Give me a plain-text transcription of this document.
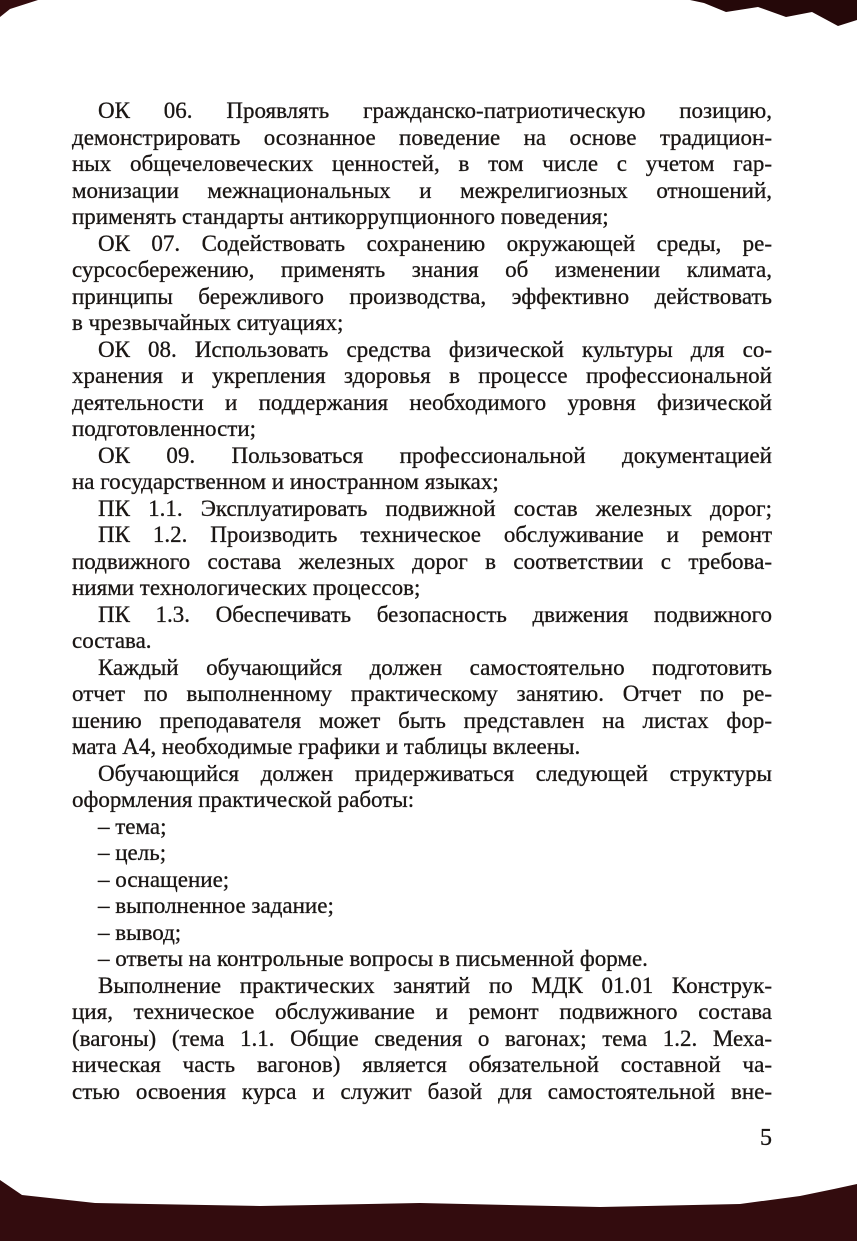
ОК 06. Проявлять гражданско-патриотическую позицию,
демонстрировать осознанное поведение на основе традицион-
ных общечеловеческих ценностей, в том числе с учетом гар-
монизации межнациональных и межрелигиозных отношений,
применять стандарты антикоррупционного поведения;
ОК 07. Содействовать сохранению окружающей среды, ре-
сурсосбережению, применять знания об изменении климата,
принципы бережливого производства, эффективно действовать
в чрезвычайных ситуациях;
ОК 08. Использовать средства физической культуры для со-
хранения и укрепления здоровья в процессе профессиональной
деятельности и поддержания необходимого уровня физической
подготовленности;
ОК 09. Пользоваться профессиональной документацией
на государственном и иностранном языках;
ПК 1.1. Эксплуатировать подвижной состав железных дорог;
ПК 1.2. Производить техническое обслуживание и ремонт
подвижного состава железных дорог в соответствии с требова-
ниями технологических процессов;
ПК 1.3. Обеспечивать безопасность движения подвижного
состава.
Каждый обучающийся должен самостоятельно подготовить
отчет по выполненному практическому занятию. Отчет по ре-
шению преподавателя может быть представлен на листах фор-
мата А4, необходимые графики и таблицы вклеены.
Обучающийся должен придерживаться следующей структуры
оформления практической работы:
– тема;
– цель;
– оснащение;
– выполненное задание;
– вывод;
– ответы на контрольные вопросы в письменной форме.
Выполнение практических занятий по МДК 01.01 Конструк-
ция, техническое обслуживание и ремонт подвижного состава
(вагоны) (тема 1.1. Общие сведения о вагонах; тема 1.2. Меха-
ническая часть вагонов) является обязательной составной ча-
стью освоения курса и служит базой для самостоятельной вне-
5
